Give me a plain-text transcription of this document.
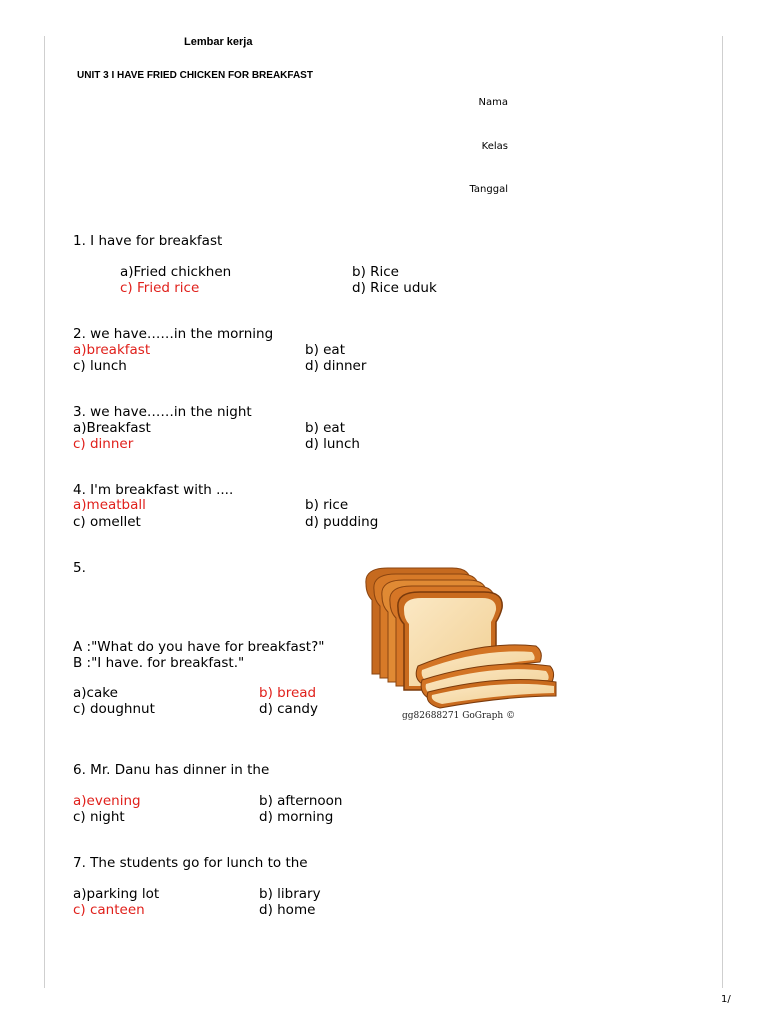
Lembar kerja
UNIT 3 I HAVE FRIED CHICKEN FOR BREAKFAST
Nama
Kelas
Tanggal
1. I have for breakfast
a)Fried chickhen	b) Rice
c) Fried rice	d) Rice uduk
2. we have……in the morning
a)breakfast	b) eat
c) lunch	d) dinner
3. we have……in the night
a)Breakfast	b) eat
c) dinner	d) lunch
4. I'm breakfast with ....
a)meatball	b) rice
c) omellet	d) pudding
5.
gg82688271 GoGraph ©
A :"What do you have for breakfast?"
B :"I have. for breakfast."
a)cake	b) bread
c) doughnut	d) candy
6. Mr. Danu has dinner in the
a)evening	b) afternoon
c) night	d) morning
7. The students go for lunch to the
a)parking lot	b) library
c) canteen	d) home
1/
